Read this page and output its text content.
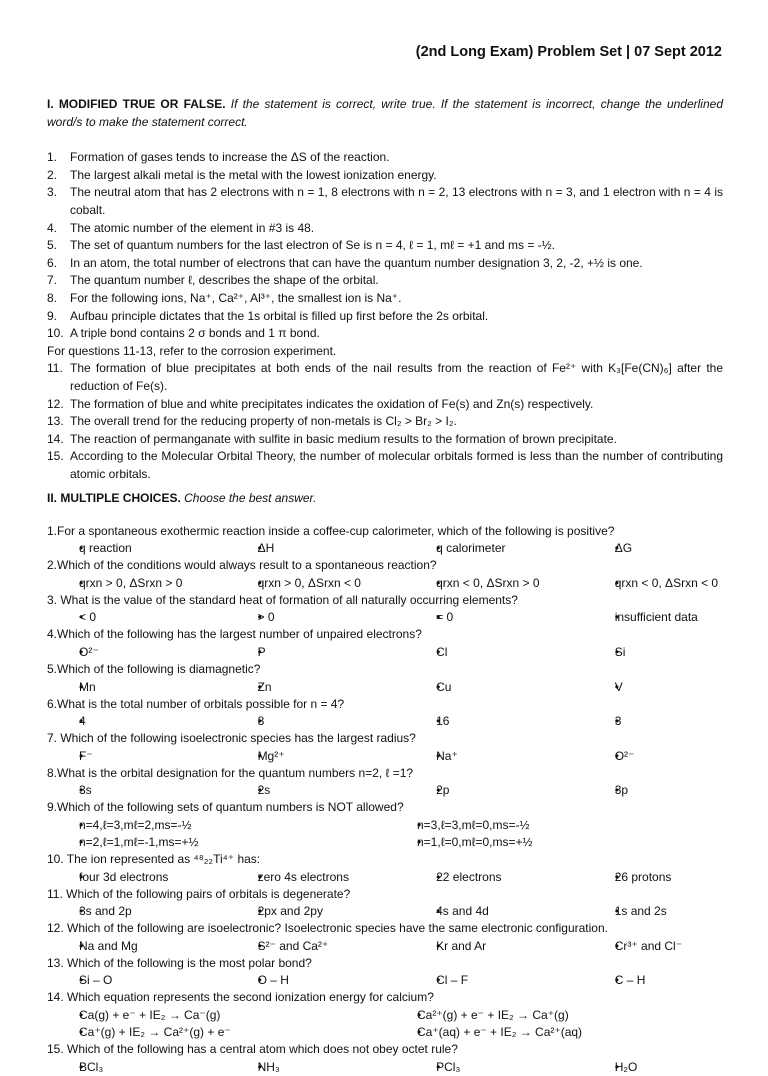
(2nd Long Exam) Problem Set | 07 Sept 2012
I. MODIFIED TRUE OR FALSE. If the statement is correct, write true. If the statement is incorrect, change the underlined word/s to make the statement correct.
1. Formation of gases tends to increase the ΔS of the reaction.
2. The largest alkali metal is the metal with the lowest ionization energy.
3. The neutral atom that has 2 electrons with n = 1, 8 electrons with n = 2, 13 electrons with n = 3, and 1 electron with n = 4 is cobalt.
4. The atomic number of the element in #3 is 48.
5. The set of quantum numbers for the last electron of Se is n = 4, ℓ = 1, mℓ = +1 and ms = -½.
6. In an atom, the total number of electrons that can have the quantum number designation 3, 2, -2, +½ is one.
7. The quantum number ℓ, describes the shape of the orbital.
8. For the following ions, Na⁺, Ca²⁺, Al³⁺, the smallest ion is Na⁺.
9. Aufbau principle dictates that the 1s orbital is filled up first before the 2s orbital.
10. A triple bond contains 2 σ bonds and 1 π bond.
For questions 11-13, refer to the corrosion experiment.
11. The formation of blue precipitates at both ends of the nail results from the reaction of Fe²⁺ with K₃[Fe(CN)₆] after the reduction of Fe(s).
12. The formation of blue and white precipitates indicates the oxidation of Fe(s) and Zn(s) respectively.
13. The overall trend for the reducing property of non-metals is Cl₂ > Br₂ > I₂.
14. The reaction of permanganate with sulfite in basic medium results to the formation of brown precipitate.
15. According to the Molecular Orbital Theory, the number of molecular orbitals formed is less than the number of contributing atomic orbitals.
II. MULTIPLE CHOICES. Choose the best answer.
1.For a spontaneous exothermic reaction inside a coffee-cup calorimeter, which of the following is positive?
• q reaction	• ΔH	• q calorimeter	• ΔG
2.Which of the conditions would always result to a spontaneous reaction?
• qrxn > 0, ΔSrxn > 0	• qrxn > 0, ΔSrxn < 0	• qrxn < 0, ΔSrxn > 0	• qrxn < 0, ΔSrxn < 0
3. What is the value of the standard heat of formation of all naturally occurring elements?
• < 0	• > 0	• = 0	• insufficient data
4.Which of the following has the largest number of unpaired electrons?
• O²⁻	• P	• Cl	• Si
5.Which of the following is diamagnetic?
• Mn	• Zn	• Cu	• V
6.What is the total number of orbitals possible for n = 4?
• 4	• 8	• 16	• 3
7. Which of the following isoelectronic species has the largest radius?
• F⁻	• Mg²⁺	• Na⁺	• O²⁻
8.What is the orbital designation for the quantum numbers n=2, ℓ =1?
• 3s	• 2s	• 2p	• 3p
9.Which of the following sets of quantum numbers is NOT allowed?
• n=4,ℓ=3,mℓ=2,ms=-½	• n=3,ℓ=3,mℓ=0,ms=-½
• n=2,ℓ=1,mℓ=-1,ms=+½	• n=1,ℓ=0,mℓ=0,ms=+½
10. The ion represented as ⁴⁸₂₂Ti⁴⁺ has:
• four 3d electrons	• zero 4s electrons	• 22 electrons	• 26 protons
11. Which of the following pairs of orbitals is degenerate?
• 3s and 2p	• 2px and 2py	• 4s and 4d	• 1s and 2s
12. Which of the following are isoelectronic? Isoelectronic species have the same electronic configuration.
• Na and Mg	• S²⁻ and Ca²⁺	• Kr and Ar	• Cr³⁺ and Cl⁻
13. Which of the following is the most polar bond?
• Si – O	• O – H	• Cl – F	• C – H
14. Which equation represents the second ionization energy for calcium?
• Ca(g) + e⁻ + IE₂ → Ca⁻(g)	• Ca²⁺(g) + e⁻ + IE₂ → Ca⁺(g)
• Ca⁺(g) + IE₂ → Ca²⁺(g) + e⁻	• Ca⁺(aq) + e⁻ + IE₂ → Ca²⁺(aq)
15. Which of the following has a central atom which does not obey octet rule?
• BCl₃	• NH₃	• PCl₃	• H₂O
